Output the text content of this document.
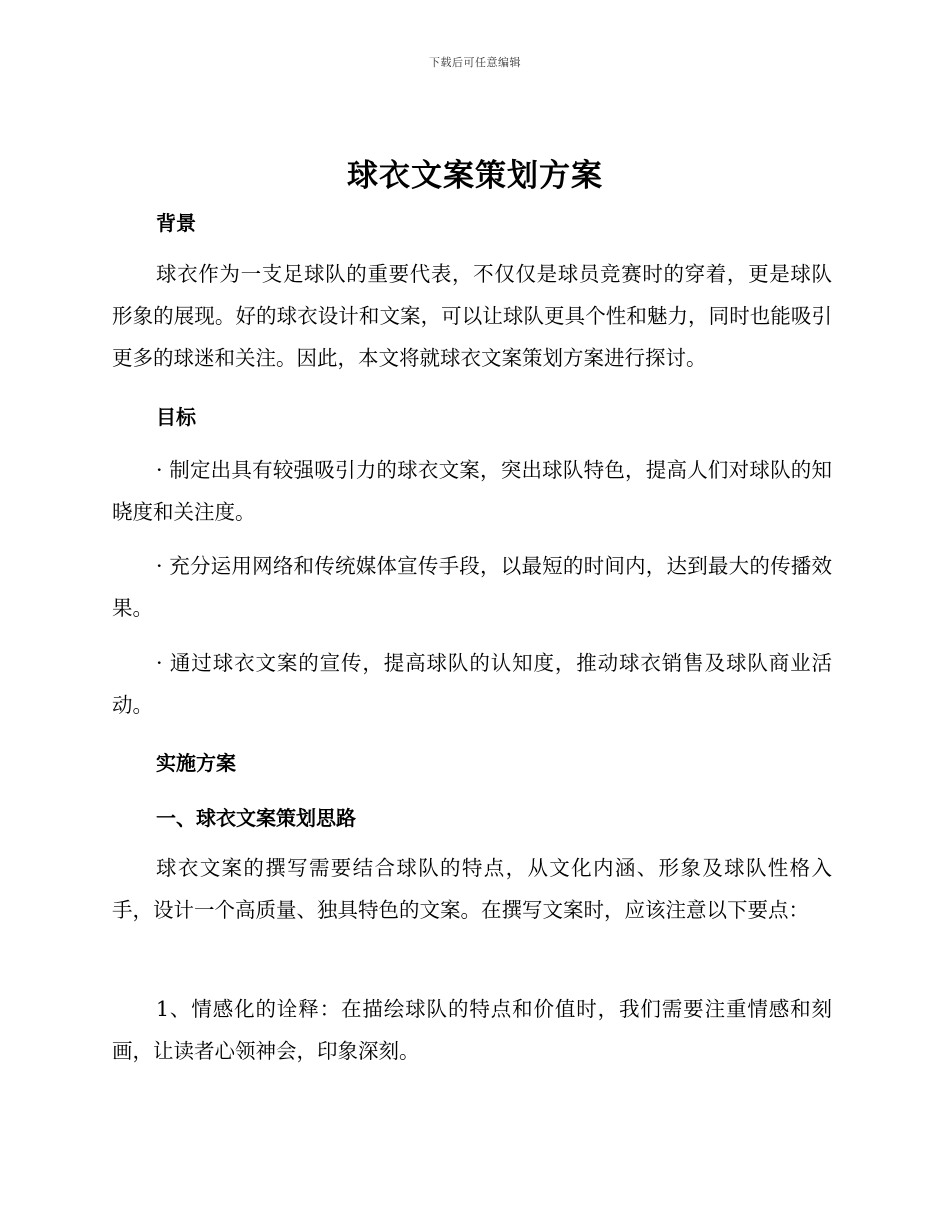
下载后可任意编辑
球衣文案策划方案
背景

球衣作为一支足球队的重要代表，不仅仅是球员竞赛时的穿着，更是球队形象的展现。好的球衣设计和文案，可以让球队更具个性和魅力，同时也能吸引更多的球迷和关注。因此，本文将就球衣文案策划方案进行探讨。

目标

· 制定出具有较强吸引力的球衣文案，突出球队特色，提高人们对球队的知晓度和关注度。

· 充分运用网络和传统媒体宣传手段，以最短的时间内，达到最大的传播效果。

· 通过球衣文案的宣传，提高球队的认知度，推动球衣销售及球队商业活动。

实施方案
一、球衣文案策划思路

球衣文案的撰写需要结合球队的特点，从文化内涵、形象及球队性格入手，设计一个高质量、独具特色的文案。在撰写文案时，应该注意以下要点：

1、情感化的诠释：在描绘球队的特点和价值时，我们需要注重情感和刻画，让读者心领神会，印象深刻。
